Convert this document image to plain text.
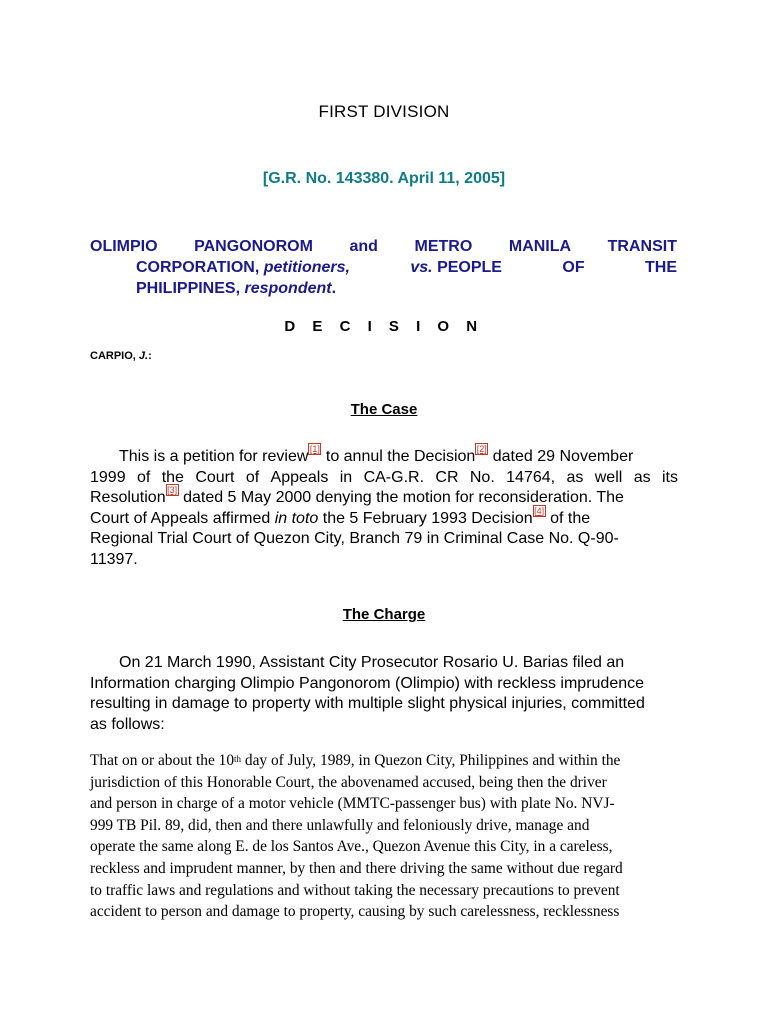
FIRST DIVISION
[G.R. No. 143380. April 11, 2005]
OLIMPIO PANGONOROM and METRO MANILA TRANSIT
CORPORATION, petitioners,	vs. PEOPLE	OF	THE
PHILIPPINES,
respondent .
D E C I S I O N
CARPIO, J.:
The Case
This is a petition for review [1] to annul the Decision [2] dated 29 November
1999 of the Court of Appeals in CA-G.R. CR No. 14764, as well as its
Resolution [3] dated 5 May 2000 denying the motion for reconsideration. The
Court of Appeals affirmed in toto the 5 February 1993 Decision [4] of the
Regional Trial Court of Quezon City, Branch 79 in Criminal Case No. Q-90-
11397.
The Charge
On 21 March 1990, Assistant City Prosecutor Rosario U. Barias filed an
Information charging Olimpio Pangonorom (Olimpio) with reckless imprudence
resulting in damage to property with multiple slight physical injuries, committed
as follows:
That on or about the 10th day of July, 1989, in Quezon City, Philippines and within the
jurisdiction of this Honorable Court, the abovenamed accused, being then the driver
and person in charge of a motor vehicle (MMTC-passenger bus) with plate No. NVJ-
999 TB Pil. 89, did, then and there unlawfully and feloniously drive, manage and
operate the same along E. de los Santos Ave., Quezon Avenue this City, in a careless,
reckless and imprudent manner, by then and there driving the same without due regard
to traffic laws and regulations and without taking the necessary precautions to prevent
accident to person and damage to property, causing by such carelessness, recklessness
